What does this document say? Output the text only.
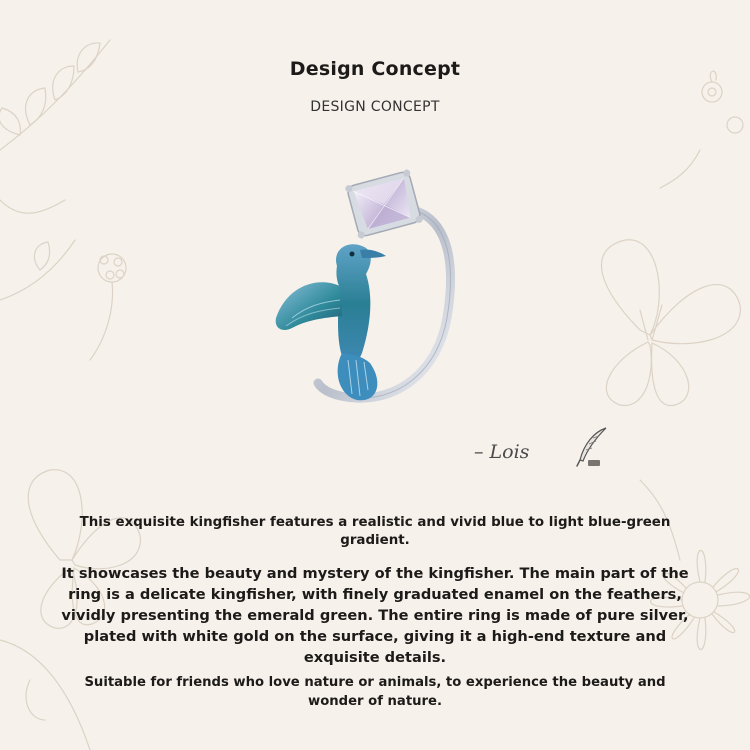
Design Concept
DESIGN CONCEPT
– Lois
This exquisite kingfisher features a realistic and vivid blue to light blue-green gradient.
It showcases the beauty and mystery of the kingfisher. The main part of the ring is a delicate kingfisher, with finely graduated enamel on the feathers, vividly presenting the emerald green. The entire ring is made of pure silver, plated with white gold on the surface, giving it a high-end texture and exquisite details.
Suitable for friends who love nature or animals, to experience the beauty and wonder of nature.
